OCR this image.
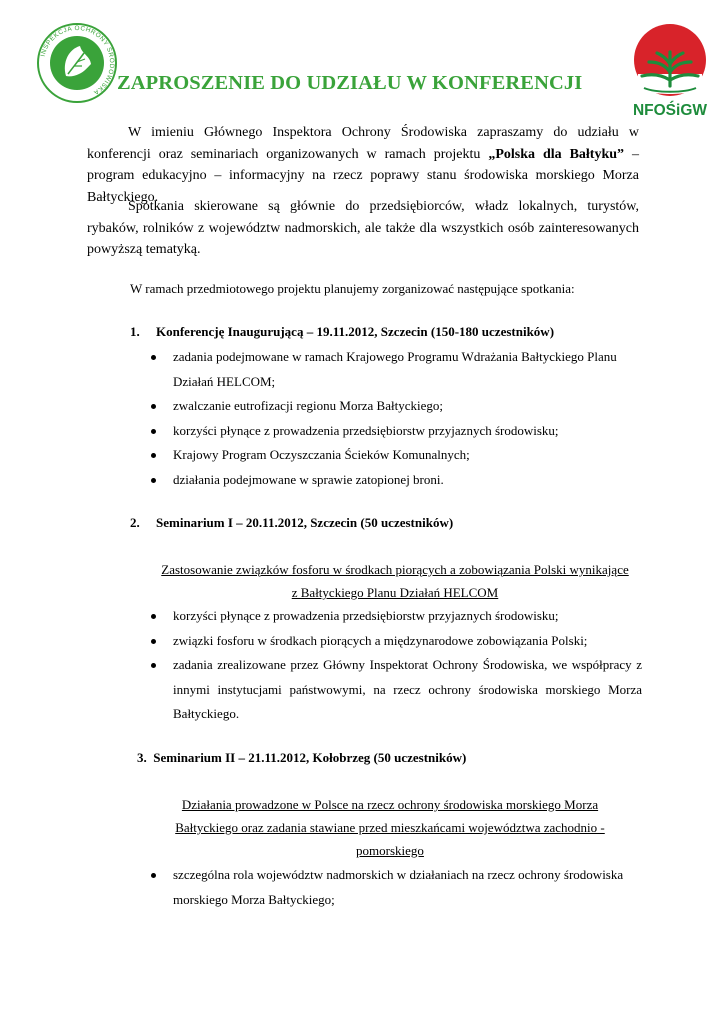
INSPEKCJA OCHRONY ŚRODOWISKA ZAPROSZENIE DO UDZIAŁU W KONFERENCJI
NFOŚiGW
W imieniu Głównego Inspektora Ochrony Środowiska zapraszamy do udziału w konferencji oraz seminariach organizowanych w ramach projektu „Polska dla Bałtyku” – program edukacyjno – informacyjny na rzecz poprawy stanu środowiska morskiego Morza Bałtyckiego.
Spotkania skierowane są głównie do przedsiębiorców, władz lokalnych, turystów, rybaków, rolników z województw nadmorskich, ale także dla wszystkich osób zainteresowanych powyższą tematyką.
W ramach przedmiotowego projektu planujemy zorganizować następujące spotkania:
1. Konferencję Inaugurującą – 19.11.2012, Szczecin (150-180 uczestników)
zadania podejmowane w ramach Krajowego Programu Wdrażania Bałtyckiego Planu Działań HELCOM;
zwalczanie eutrofizacji regionu Morza Bałtyckiego;
korzyści płynące z prowadzenia przedsiębiorstw przyjaznych środowisku;
Krajowy Program Oczyszczania Ścieków Komunalnych;
działania podejmowane w sprawie zatopionej broni.
2. Seminarium I – 20.11.2012, Szczecin (50 uczestników)
Zastosowanie związków fosforu w środkach piorących a zobowiązania Polski wynikające
z Bałtyckiego Planu Działań HELCOM
korzyści płynące z prowadzenia przedsiębiorstw przyjaznych środowisku;
związki fosforu w środkach piorących a międzynarodowe zobowiązania Polski;
zadania zrealizowane przez Główny Inspektorat Ochrony Środowiska, we współpracy z innymi instytucjami państwowymi, na rzecz ochrony środowiska morskiego Morza Bałtyckiego.
3. Seminarium II – 21.11.2012, Kołobrzeg (50 uczestników)
Działania prowadzone w Polsce na rzecz ochrony środowiska morskiego Morza
Bałtyckiego oraz zadania stawiane przed mieszkańcami województwa zachodnio -
pomorskiego
szczególna rola województw nadmorskich w działaniach na rzecz ochrony środowiska morskiego Morza Bałtyckiego;
